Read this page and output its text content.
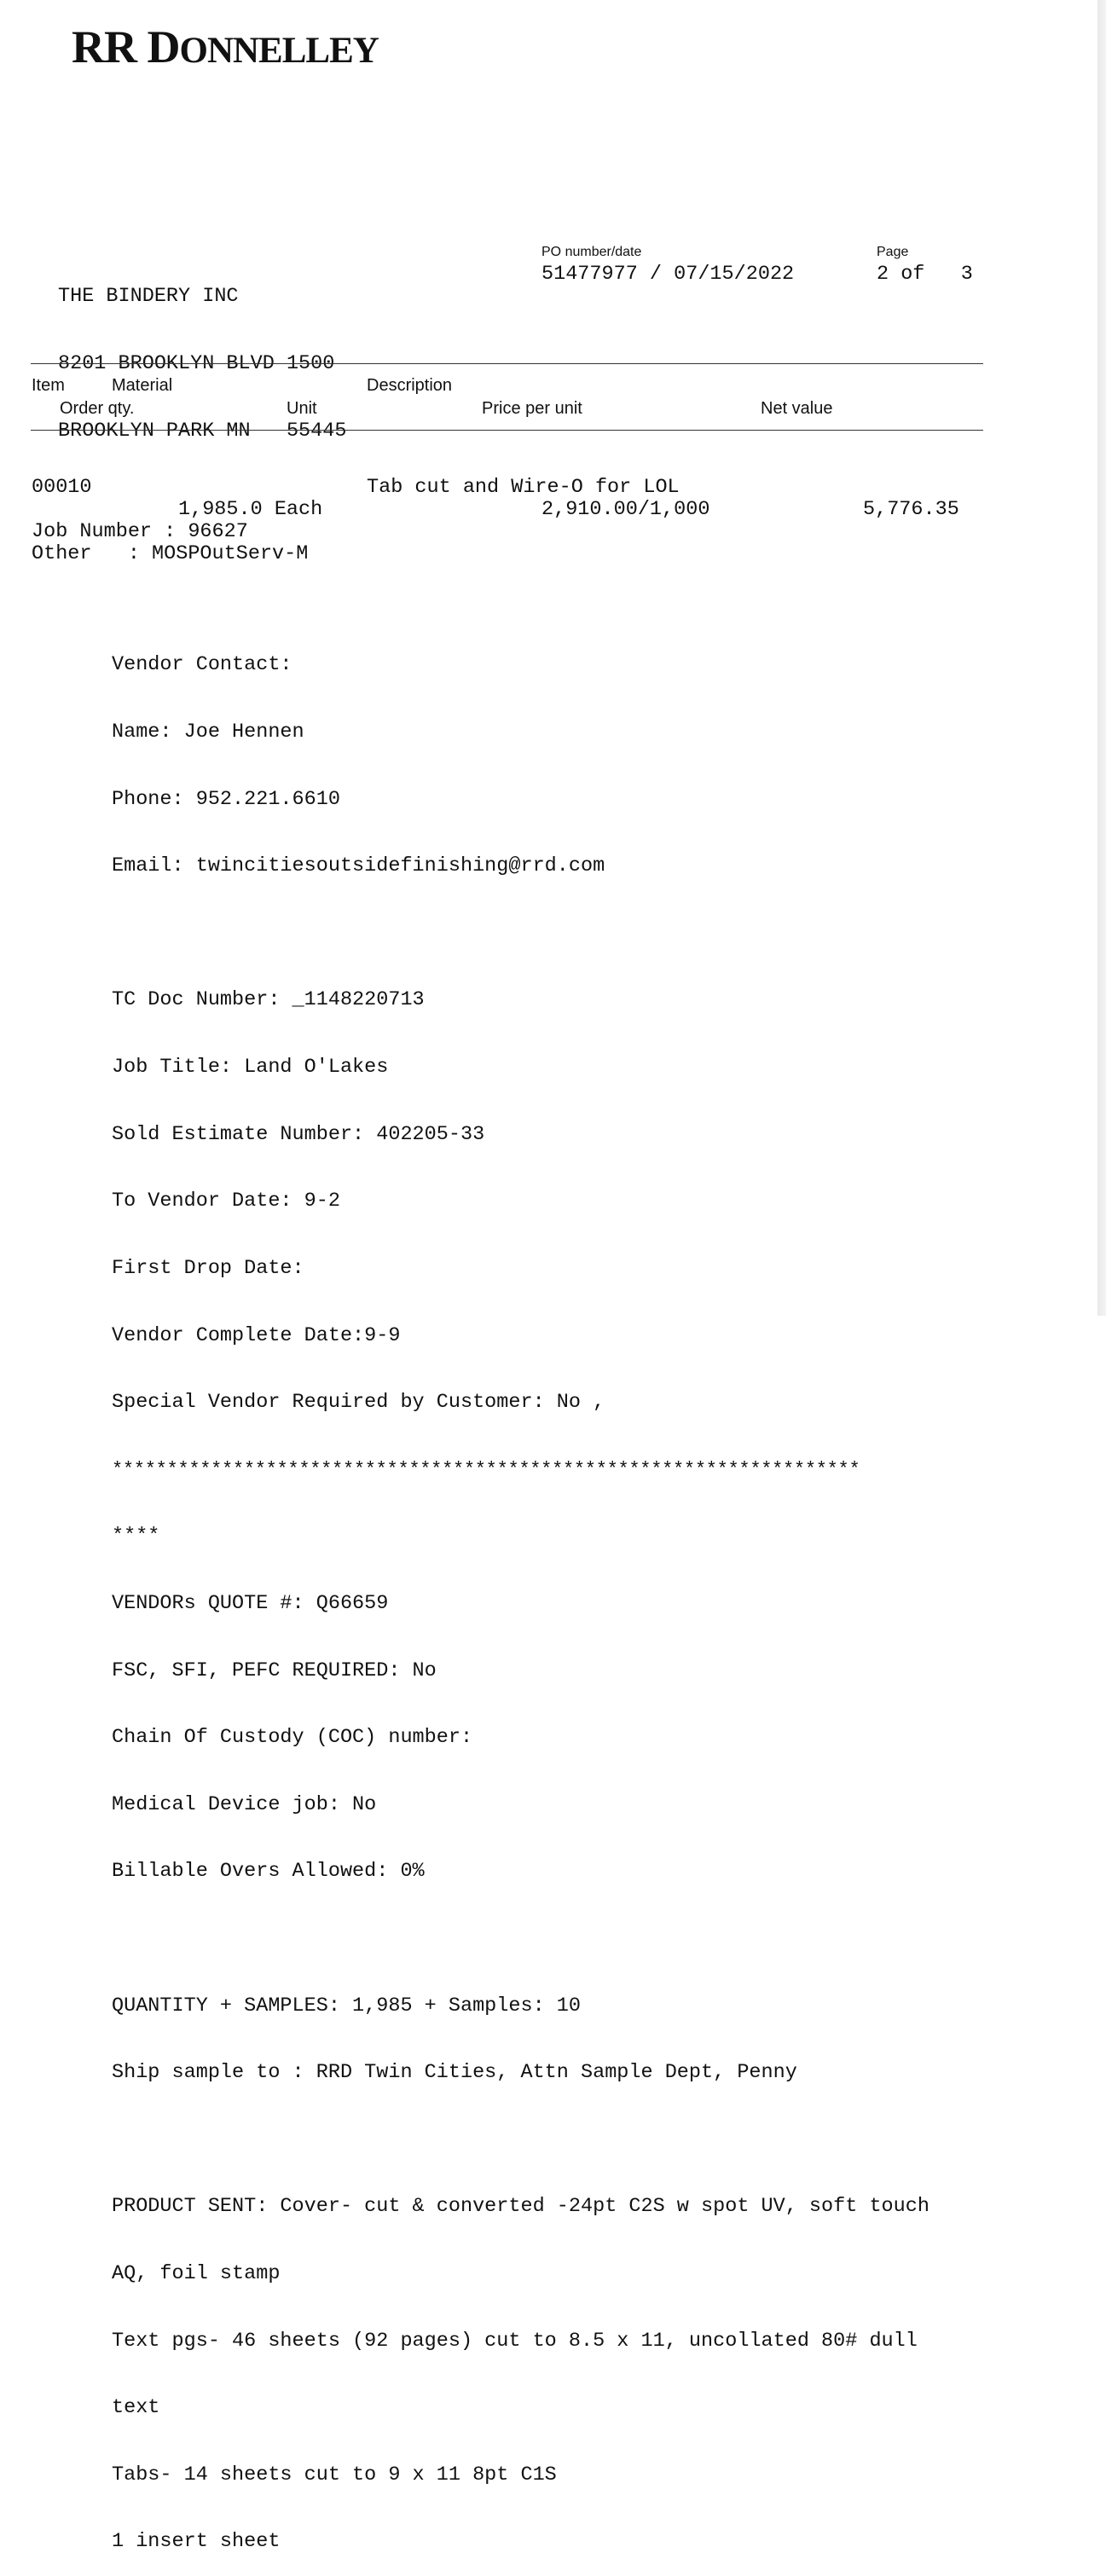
RR DONNELLEY

THE BINDERY INC

8201 BROOKLYN BLVD 1500

BROOKLYN PARK MN   55445

PO number/date
51477977 / 07/15/2022
Page
2 of   3
Item	Material	Description
Order qty.	Unit	Price per unit	Net value
00010	Tab cut and Wire-O for LOL
1,985.0 Each	2,910.00/1,000	5,776.35
Job Number : 96627
Other   : MOSPOutServ-M

Vendor Contact:

Name: Joe Hennen

Phone: 952.221.6610

Email: twincitiesoutsidefinishing@rrd.com

TC Doc Number: _1148220713

Job Title: Land O'Lakes

Sold Estimate Number: 402205-33

To Vendor Date: 9-2

First Drop Date:

Vendor Complete Date:9-9

Special Vendor Required by Customer: No ,

********************************************************************

****

VENDORs QUOTE #: Q66659

FSC, SFI, PEFC REQUIRED: No

Chain Of Custody (COC) number:

Medical Device job: No

Billable Overs Allowed: 0%

QUANTITY + SAMPLES: 1,985 + Samples: 10

Ship sample to : RRD Twin Cities, Attn Sample Dept, Penny

PRODUCT SENT: Cover- cut & converted -24pt C2S w spot UV, soft touch

AQ, foil stamp

Text pgs- 46 sheets (92 pages) cut to 8.5 x 11, uncollated 80# dull

text

Tabs- 14 sheets cut to 9 x 11 8pt C1S

1 insert sheet
